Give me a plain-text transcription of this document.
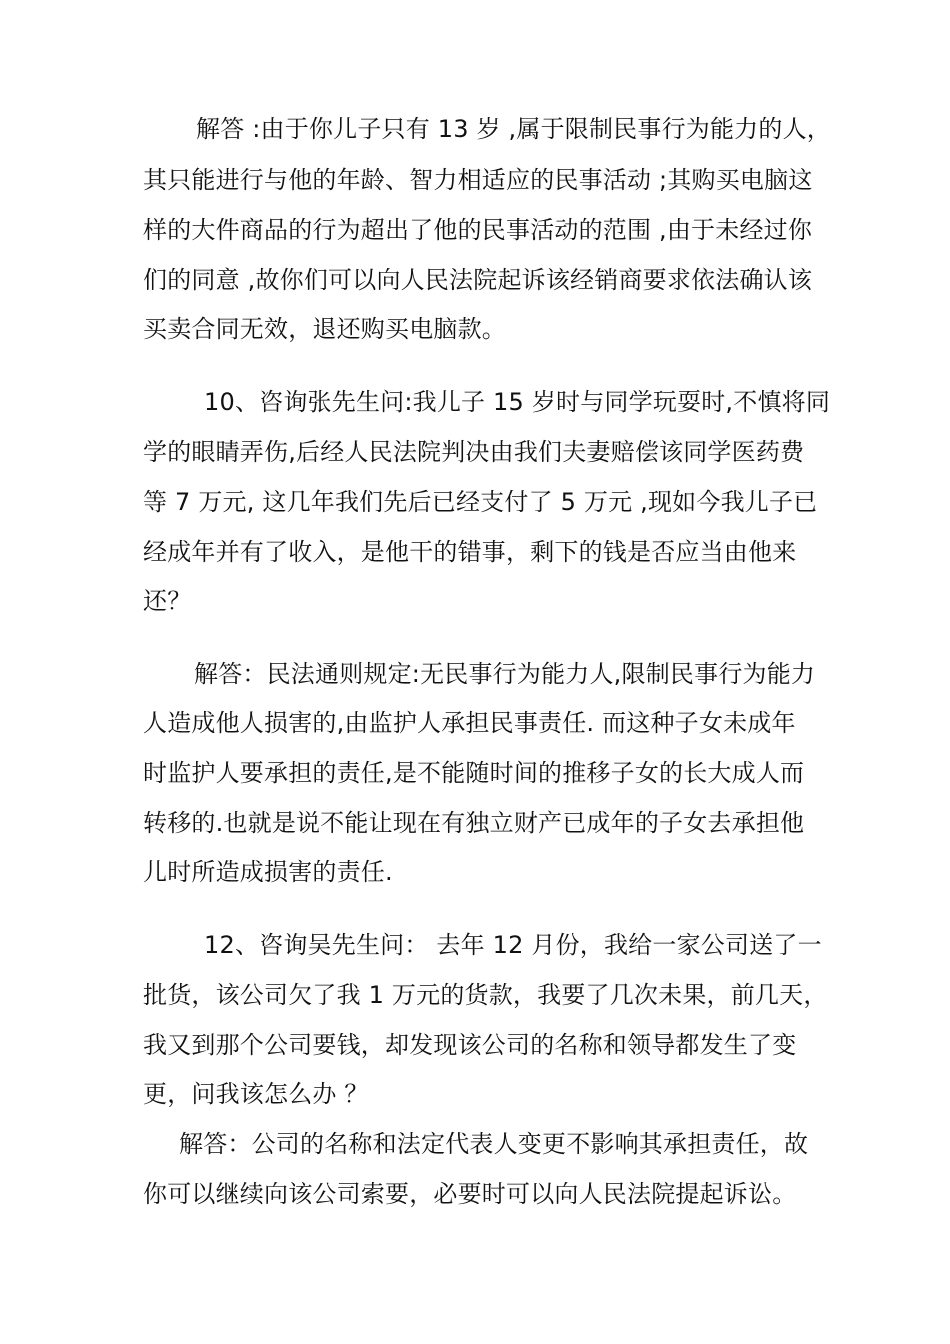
解答 :由于你儿子只有 13 岁 ,属于限制民事行为能力的人，
其只能进行与他的年龄、智力相适应的民事活动 ;其购买电脑这
样的大件商品的行为超出了他的民事活动的范围 ,由于未经过你
们的同意 ,故你们可以向人民法院起诉该经销商要求依法确认该
买卖合同无效，退还购买电脑款。
10、咨询张先生问:我儿子 15 岁时与同学玩耍时,不慎将同
学的眼睛弄伤,后经人民法院判决由我们夫妻赔偿该同学医药费
等 7 万元, 这几年我们先后已经支付了 5 万元 ,现如今我儿子已
经成年并有了收入，是他干的错事，剩下的钱是否应当由他来
还？
解答：民法通则规定:无民事行为能力人,限制民事行为能力
人造成他人损害的,由监护人承担民事责任. 而这种子女未成年
时监护人要承担的责任,是不能随时间的推移子女的长大成人而
转移的.也就是说不能让现在有独立财产已成年的子女去承担他
儿时所造成损害的责任.
12、咨询吴先生问： 去年 12 月份，我给一家公司送了一
批货，该公司欠了我 1 万元的货款，我要了几次未果，前几天，
我又到那个公司要钱，却发现该公司的名称和领导都发生了变
更，问我该怎么办 ？
解答：公司的名称和法定代表人变更不影响其承担责任，故
你可以继续向该公司索要，必要时可以向人民法院提起诉讼。
